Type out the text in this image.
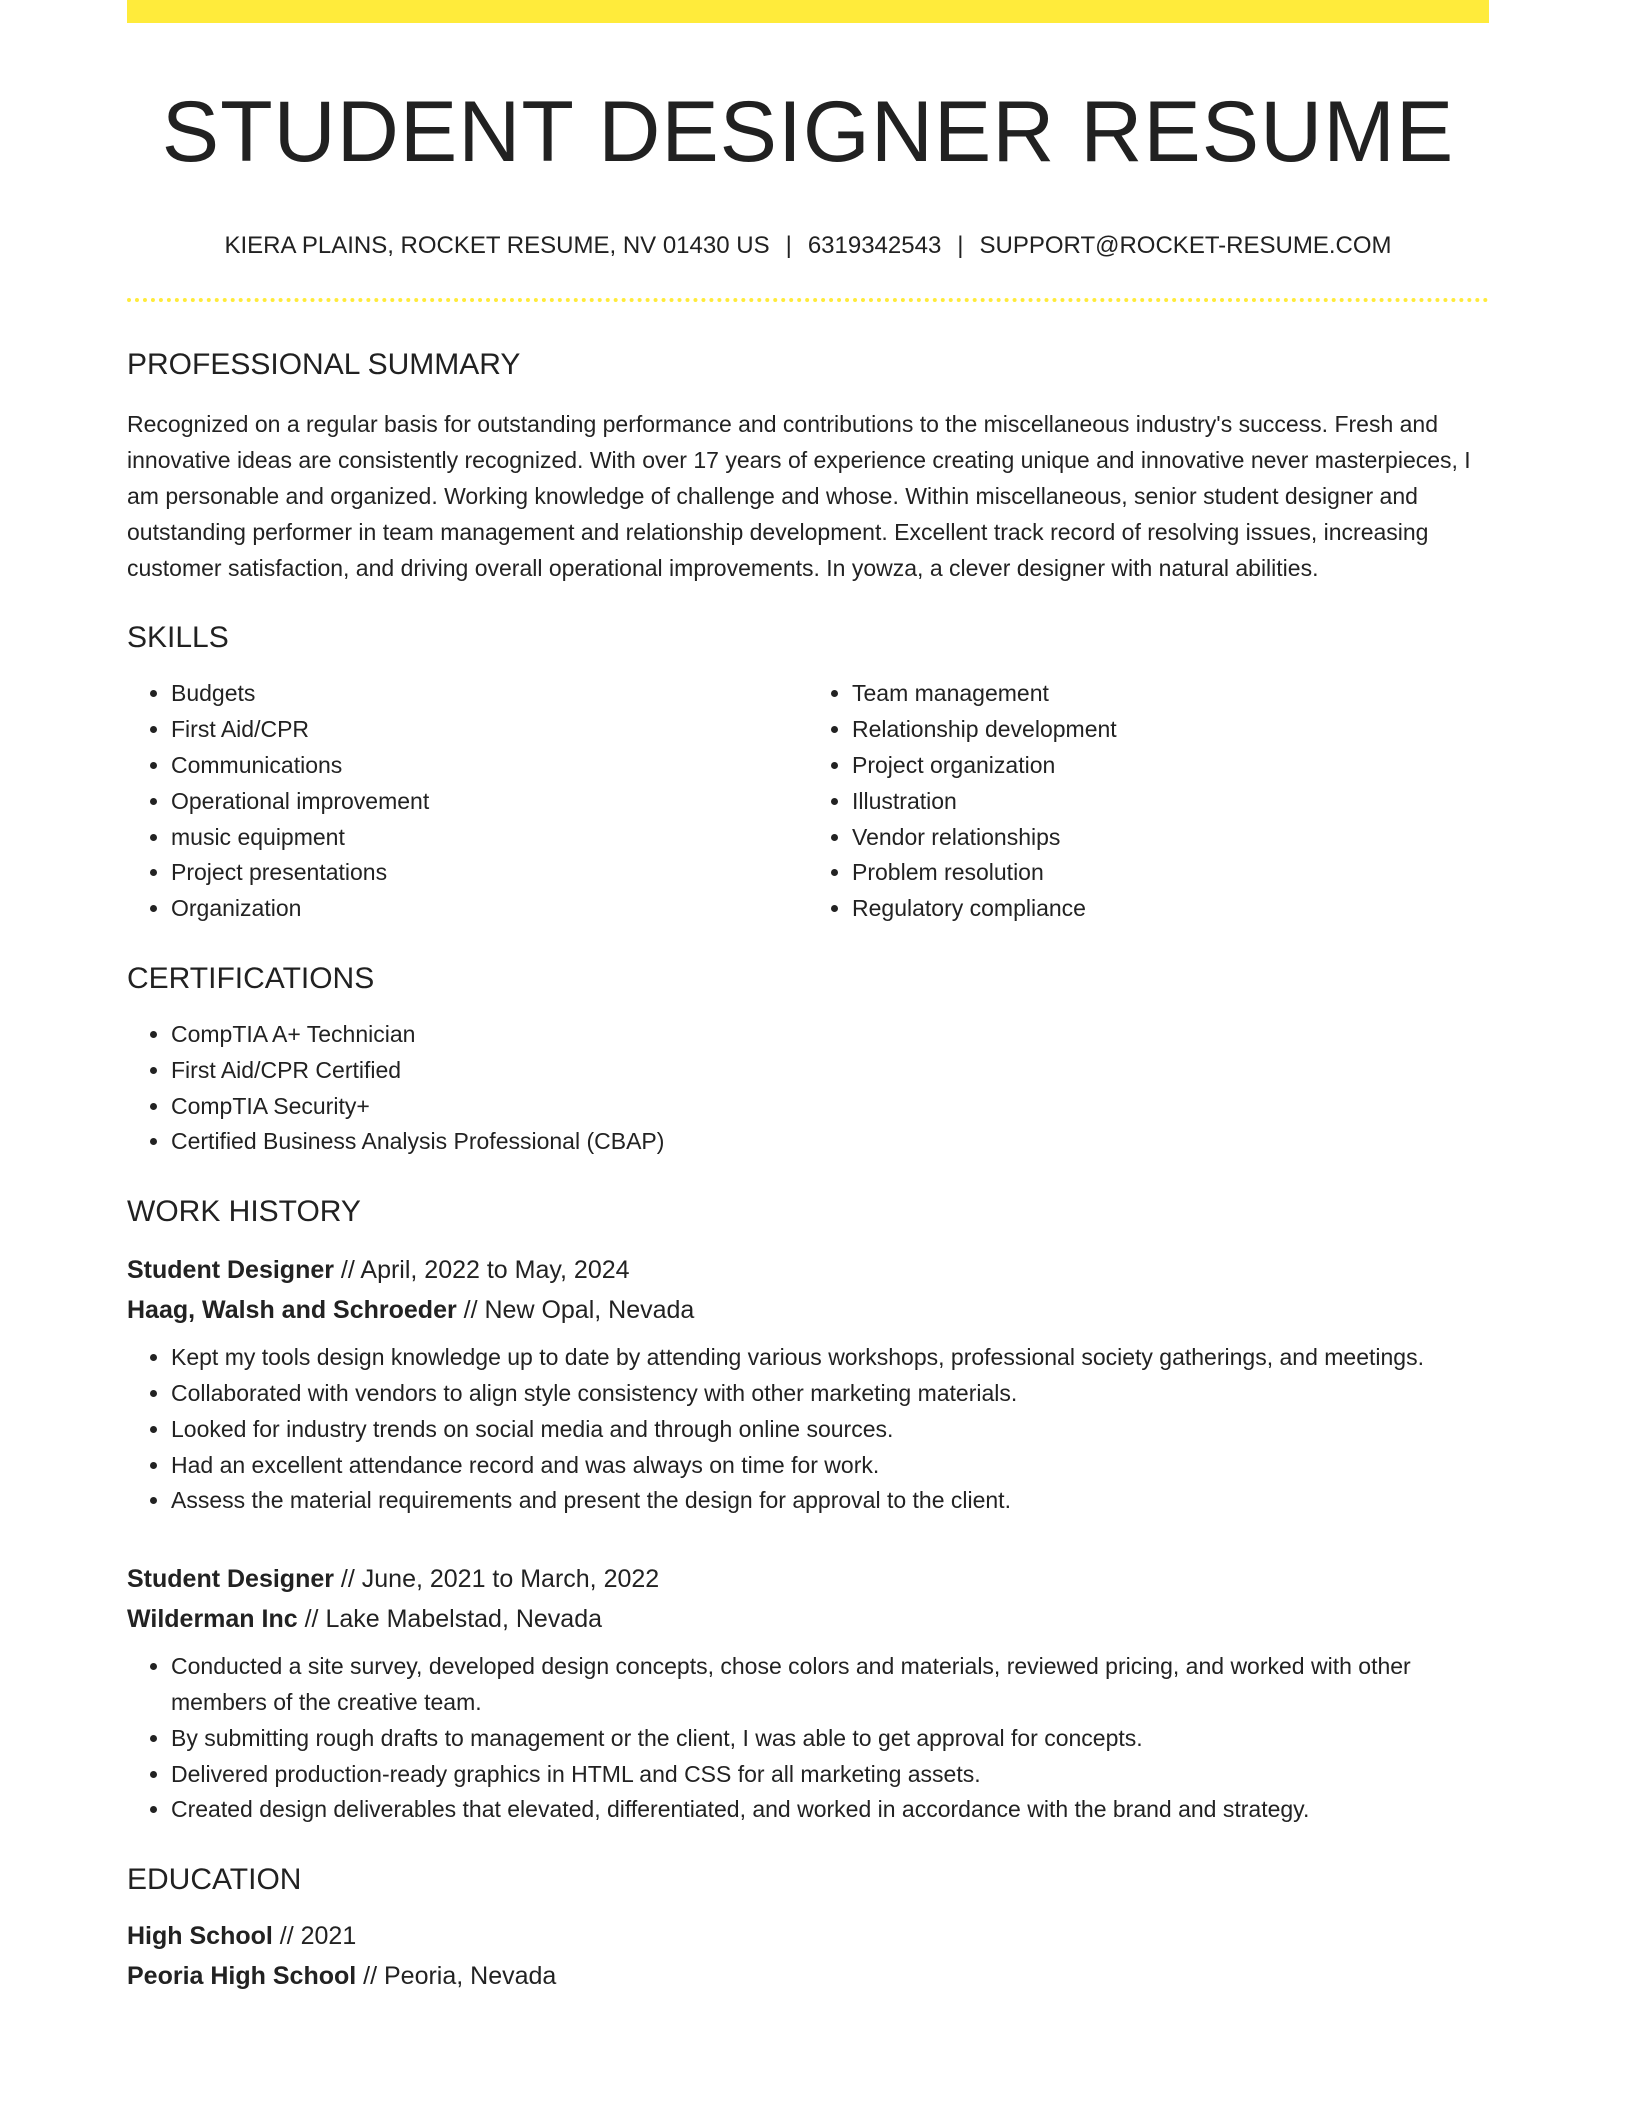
STUDENT DESIGNER RESUME
KIERA PLAINS, ROCKET RESUME, NV 01430 US | 6319342543 | SUPPORT@ROCKET-RESUME.COM
PROFESSIONAL SUMMARY
Recognized on a regular basis for outstanding performance and contributions to the miscellaneous industry's success. Fresh and innovative ideas are consistently recognized. With over 17 years of experience creating unique and innovative never masterpieces, I am personable and organized. Working knowledge of challenge and whose. Within miscellaneous, senior student designer and outstanding performer in team management and relationship development. Excellent track record of resolving issues, increasing customer satisfaction, and driving overall operational improvements. In yowza, a clever designer with natural abilities.
SKILLS
• Budgets
• First Aid/CPR
• Communications
• Operational improvement
• music equipment
• Project presentations
• Organization
• Team management
• Relationship development
• Project organization
• Illustration
• Vendor relationships
• Problem resolution
• Regulatory compliance
CERTIFICATIONS
• CompTIA A+ Technician
• First Aid/CPR Certified
• CompTIA Security+
• Certified Business Analysis Professional (CBAP)
WORK HISTORY
Student Designer // April, 2022 to May, 2024
Haag, Walsh and Schroeder // New Opal, Nevada
• Kept my tools design knowledge up to date by attending various workshops, professional society gatherings, and meetings.
• Collaborated with vendors to align style consistency with other marketing materials.
• Looked for industry trends on social media and through online sources.
• Had an excellent attendance record and was always on time for work.
• Assess the material requirements and present the design for approval to the client.
Student Designer // June, 2021 to March, 2022
Wilderman Inc // Lake Mabelstad, Nevada
• Conducted a site survey, developed design concepts, chose colors and materials, reviewed pricing, and worked with other members of the creative team.
• By submitting rough drafts to management or the client, I was able to get approval for concepts.
• Delivered production-ready graphics in HTML and CSS for all marketing assets.
• Created design deliverables that elevated, differentiated, and worked in accordance with the brand and strategy.
EDUCATION
High School // 2021
Peoria High School // Peoria, Nevada
